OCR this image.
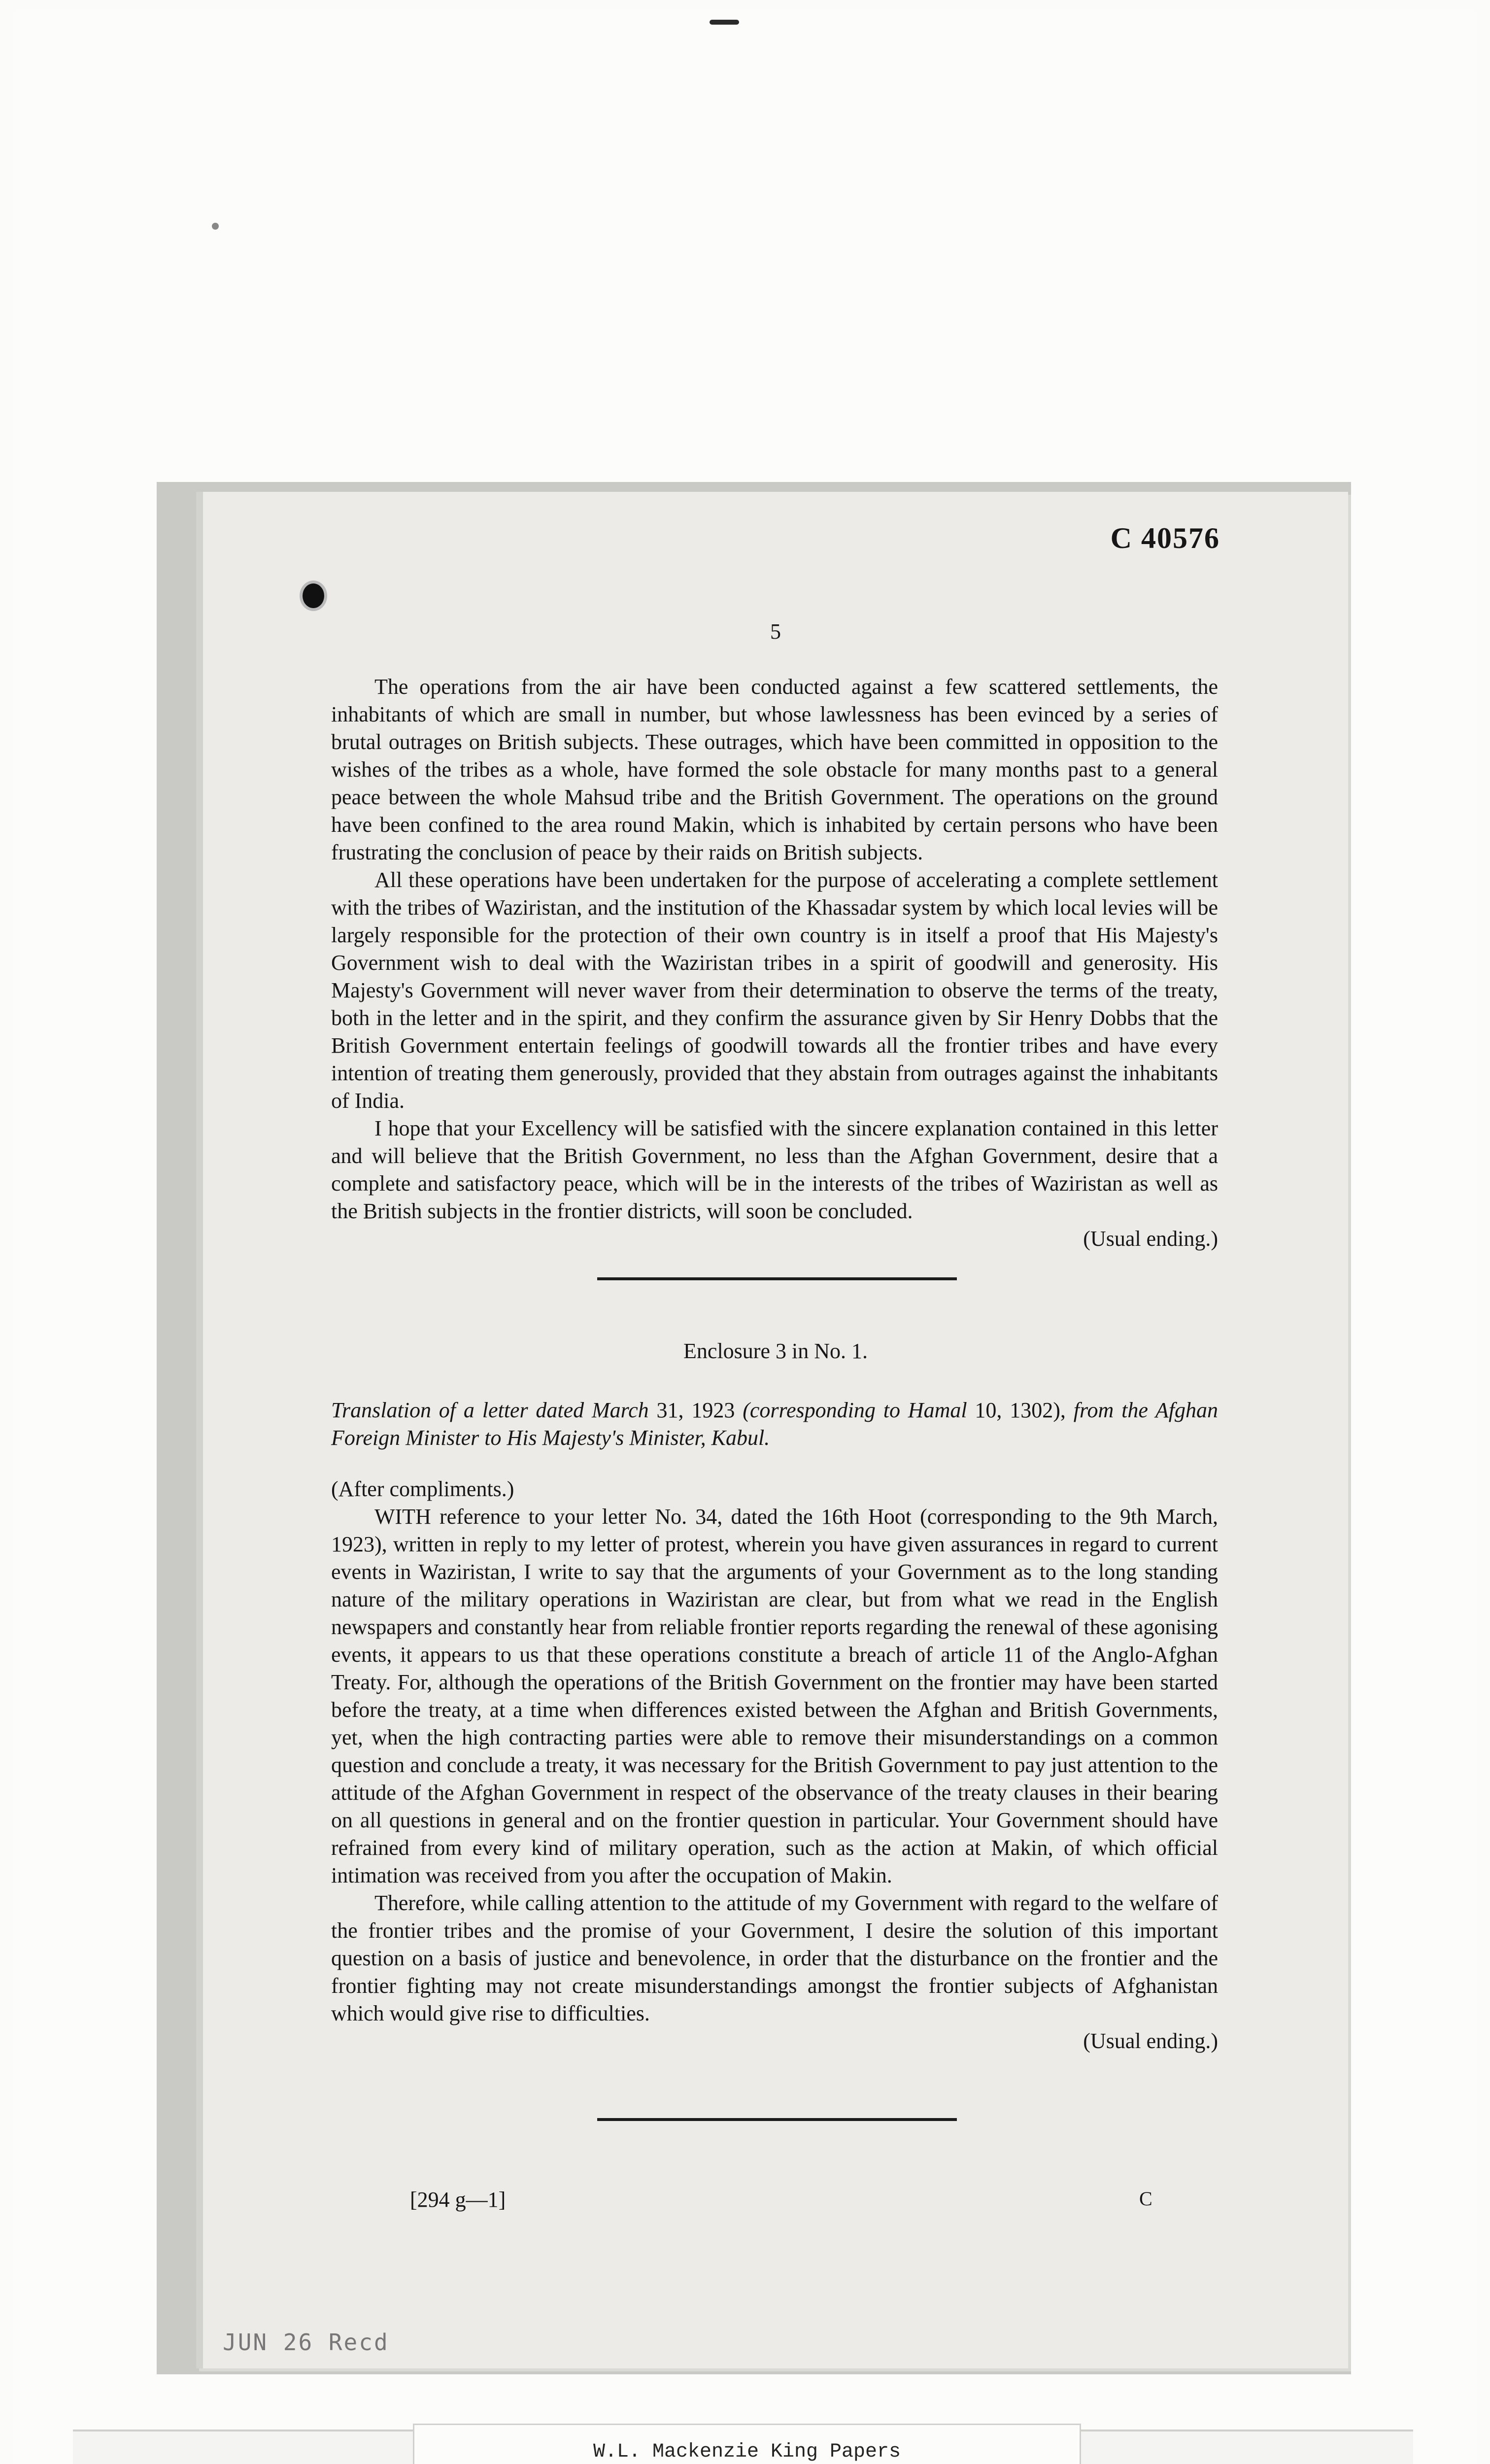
C 40576
5

The operations from the air have been conducted against a few scattered settlements, the inhabitants of which are small in number, but whose lawlessness has been evinced by a series of brutal outrages on British subjects. These outrages, which have been committed in opposition to the wishes of the tribes as a whole, have formed the sole obstacle for many months past to a general peace between the whole Mahsud tribe and the British Government. The operations on the ground have been confined to the area round Makin, which is inhabited by certain persons who have been frustrating the conclusion of peace by their raids on British subjects.

All these operations have been undertaken for the purpose of accelerating a complete settlement with the tribes of Waziristan, and the institution of the Khassadar system by which local levies will be largely responsible for the protection of their own country is in itself a proof that His Majesty's Government wish to deal with the Waziristan tribes in a spirit of goodwill and generosity. His Majesty's Government will never waver from their determination to observe the terms of the treaty, both in the letter and in the spirit, and they confirm the assurance given by Sir Henry Dobbs that the British Government entertain feelings of goodwill towards all the frontier tribes and have every intention of treating them generously, provided that they abstain from outrages against the inhabitants of India.

I hope that your Excellency will be satisfied with the sincere explanation contained in this letter and will believe that the British Government, no less than the Afghan Government, desire that a complete and satisfactory peace, which will be in the interests of the tribes of Waziristan as well as the British subjects in the frontier districts, will soon be concluded.

(Usual ending.)

Enclosure 3 in No. 1.
Translation of a letter dated March 31, 1923 (corresponding to Hamal 10, 1302), from the Afghan Foreign Minister to His Majesty's Minister, Kabul.

(After compliments.)

WITH reference to your letter No. 34, dated the 16th Hoot (corresponding to the 9th March, 1923), written in reply to my letter of protest, wherein you have given assurances in regard to current events in Waziristan, I write to say that the arguments of your Government as to the long standing nature of the military operations in Waziristan are clear, but from what we read in the English newspapers and constantly hear from reliable frontier reports regarding the renewal of these agonising events, it appears to us that these operations constitute a breach of article 11 of the Anglo-Afghan Treaty. For, although the operations of the British Government on the frontier may have been started before the treaty, at a time when differences existed between the Afghan and British Governments, yet, when the high contracting parties were able to remove their misunderstandings on a common question and conclude a treaty, it was necessary for the British Government to pay just attention to the attitude of the Afghan Government in respect of the observance of the treaty clauses in their bearing on all questions in general and on the frontier question in particular. Your Government should have refrained from every kind of military operation, such as the action at Makin, of which official intimation was received from you after the occupation of Makin.

Therefore, while calling attention to the attitude of my Government with regard to the welfare of the frontier tribes and the promise of your Government, I desire the solution of this important question on a basis of justice and benevolence, in order that the disturbance on the frontier and the frontier fighting may not create misunderstandings amongst the frontier subjects of Afghanistan which would give rise to difficulties.

(Usual ending.)

[294 g—1]	C
JUN 26 Recd
W.L. Mackenzie King Papers
